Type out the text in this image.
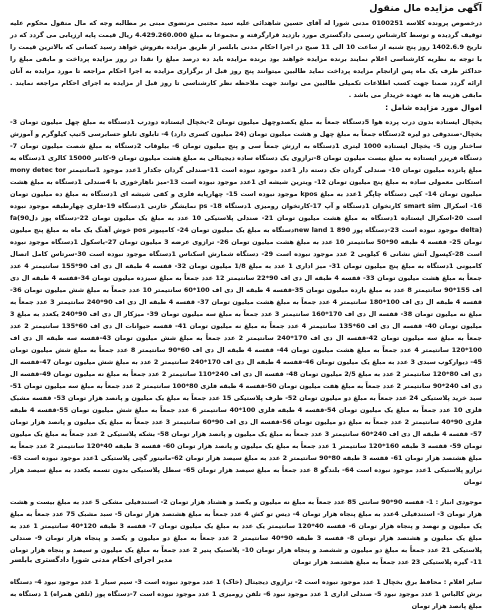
آگهی مزایده مال منقول

درخصوص پرونده کلاسه 0100251 مدنی شورا له آقای حسین شاهدائی علیه سید مجتبی مرتضوی مبنی بر مطالبه وجه که مال منقول محکوم علیه توقیف گردیده و توسط کارشناس رسمی دادگستری مورد بازدید قرارگرفته و مجموعا به مبلغ 4.429.260.000 ریال قیمت پایه ارزیابی می گردد که در تاریخ 1402.6.9 روز پنج شنبه از ساعت 10 الی 11 صبح در اجرا احکام مدنی بابلسر از طریق مزایده بفروش خواهد رسید کسانی که بالاترین قیمت را با توجه به نظریه کارشناسی اعلام نمایند برنده مزایده خواهند بود برنده مزایده باید ده درصد مبلغ را نقدا در روز مزایده پرداخت و مابقی مبلغ را حداکثر ظرف یک ماه پس ازانجام مزایده پرداخت نماید طالبین میتوانند پنج روز قبل از برگزاری مزایده به اجرا احکام مراجعه تا مورد مزایده به آنان ارائه گردد ضمنا جهت کسب اطلاعات تکمیلی طالبین می توانند جهت ملاحظه نظر کارشناسی تا روز قبل از مزایده به اجرای احکام مراجعه نمایند . مابقی هزینه ها به عهده خریدار می باشد .

اموال مورد مزایده شامل :

یخچال ایستاده بدون درب پرده هوا 5دستگاه جمعاً به مبلغ یکصدوچهل میلیون تومان 2-یخچال ایستاده دودرب 1دستگاه به مبلغ چهل میلیون تومان 3-یخچال-صندوقی دو لیره 2دستگاه جمعاً به مبلغ چهل و هشت میلیون تومان (24 میلیون کسری دارد) 4- تابلوی تابلو حسابرسی 5تیپ کیلوگرم و آموزش ساختار وزن 5- یخچال ایستاده 1000 لیتری 1دستگاه به ارزش جمعاً سی و پنج میلیون تومان 6- بیلوقاب 2دستگاه به مبلغ شصت میلیون تومان 7-دستگاه فریزر ایستاده به مبلغ بیست میلیون تومان 8-ترازوی یک دستگاه ساده دیجیتالی به مبلغ هشت میلیون تومان 9-کانتر 15000 کالری 1دستگاه به مبلغ پانزده میلیون تومان 10- صندلی گردان جک دسته دار 1عدد موجود نبوده است 11-صندلی گردان جکدار 1عدد موجود 1سانتیمتر mony detec tor استکانی معمولی ساده به مبلغ پنج میلیون تومان 12- ویترین شیشه ای 1عدد موجود نبوده است 13-میز ناهارخوری با 4صندلی 1دستگاه به مبلغ هشت میلیون تومان 14- کپی دستگاه چاپگر 1عدد به مبلغ kpos موجود نبوده است 15- چهارپایه فلزی و کفی شیشه ای 1دستگاه به مبلغ ده میلیون تومان 16- اسکرال smart sim کارتخوان 1دستگاه و آپ 17-کارتخوان رومیزی 1دستگاه 18- ps نمایشگر خازنی 1دستگاه 19-فلزی چهارطبقه موجود نبوده است 20-اسکرال ایستاده 1دستگاه به مبلغ هشت میلیون تومان 21- صندلی پلاستیکی 10 عدد به مبلغ یک میلیون تومان 22-دستگاه پوز دلfa(90 delta) موجود نبوده است 23-دستگاه پوز 890 new land 1دستگاه به مبلغ یک میلیون تومان 24- کامپیوتر pos خوش آهنگ یک ماه به مبلغ پنج میلیون تومان 25- قفسه 4 طبقه 90*50 سانتیمتر 10 عدد به مبلغ هشت میلیون تومان 26- ترازوی عرضه 3 میلیون تومان 27-باسکول 1دستگاه موجود نبوده است 28-کپسول آتش نشانی 6 کیلویی 2 عدد موجود نبوده است 29- دستگاه شمارش اسکناس 1دستگاه موجود نبوده است 30-سرتاس کامل اتصال کامیونی 1دستگاه به مبلغ پنج میلیون تومان 31- میز اداری 1 عدد به مبلغ 1/8 میلیون تومان 32- قفسه 4 طبقه ال دی اف 90*155 سانتیمتر 4 عدد جمعاً به مبلغ هشت میلیون تومان 33- قفسه 4 طبقه ال دی اف 90*22 سانتیمتر 12 عدد جمعاً به مبلغ سیزده میلیون تومان 34-قفسه 4 طبقه ال دی اف 155*90 سانتیمتر 8 عدد به مبلغ یازده میلیون تومان 35-قفسه 4 طبقه ال دی اف 100*60 سانتیمتر 10 عدد جمعاً به مبلغ شش میلیون تومان 36-قفسه 4 طبقه ال دی اف 100*180 سانتیمتر 4 عدد جمعاً به مبلغ هشت میلیون تومان 37- قفسه 4 طبقه ال دی اف 90*240 سانتیمتر 3 عدد جمعاً به مبلغ نه میلیون تومان 38- قفسه ال دی اف 170*160 سانتیمتر 3 عدد جمعاً به مبلغ سه میلیون تومان 39- میزکار ال دی اف 90*240 یکعدد به مبلغ 3 میلیون تومان 40- قفسه ال دی اف 60*135 سانتیمتر 4 عدد جمعاً به مبلغ نه میلیون تومان 41- قفسه حیوانات ال دی اف 60*135 سانتیمتر 2 عدد جمعاً به مبلغ سه میلیون تومان 42-قفسه ال دی اف 170*240 سانتیمتر 2 عدد جمعاً به مبلغ شش میلیون تومان 43-قفسه سه طبقه ال دی اف 100*120 سانتیمتر 4 عدد جمعاً به مبلغ هشت میلیون تومان 44- قفسه 4 طبقه ال دی اف 60*90 سانتیمتر 8 عدد جمعاً به مبلغ شش میلیون تومان 45- دیوارکوب سبدی 3 عدد به مبلغ یک میلیون تومان 46-قفسه 4 طبقه ال دی اف 170*240 سانتیمتر 2 عدد به مبلغ شش میلیون تومان 47-قفسه ال دی اف 80*120 سانتیمتر 2 عدد به مبلغ 2/5 میلیون تومان 48- قفسه ال دی اف 240*110 سانتیمتر 2 عدد جمعاً به مبلغ نه میلیون تومان 49-قفسه ال دی اف 240*90 سانتیمتر 2 عدد جمعاً به مبلغ هفت میلیون تومان 50-قفسه 4 طبقه فلزی 80*100 سانتیمتر 2 عدد جمعاً به مبلغ سه میلیون تومان 51- سبد خرید پلاستیکی 24 عدد جمعاً به مبلغ دو میلیون تومان 52- ظرف پلاستیکی 15 عدد جمعاً به مبلغ یک میلیون و پانصد هزار تومان 53- قفسه مشبک فلزی 10 عدد جمعاً به مبلغ یک میلیون تومان 54-قفسه 4 طبقه فلزی 100*40 سانتیمتر 6 عدد جمعاً به مبلغ شش میلیون تومان 55-قفسه 4 طبقه فلزی 90*40 سانتیمتر 2 عدد جمعاً به مبلغ دو میلیون تومان 56-قفسه ال دی اف 90*60 سانتیمتر 3 عدد جمعاً به مبلغ یک میلیون و پانصد هزار تومان 57- قفسه 4 طبقه ال دی اف 240*60 سانتیمتر 3 عدد جمعاً به مبلغ یک میلیون و پانصد هزار تومان 58- بشکه پلاستیکی 2 عدد جمعاً به مبلغ یک میلیون تومان 59- قفسه 3 طبقه 160*120 سانتیمتر 1 عدد جمعاً به مبلغ یک میلیون و پانصد هزار تومان 60- قفسه 3 طبقه 40*120 سانتیمتر 2 عدد جمعاً به مبلغ هشتصد هزار تومان 61- قفسه 3 طبقه 80*90 سانتیمتر 2 عدد به مبلغ سیصد هزار تومان 62-مانیتور گچی پلاستیکی 1عدد موجود نبوده است 63- ترازو پلاستیکی 1عدد موجود نبوده است 64- بلندگو 8 عدد جمعاً به مبلغ سیصد هزار تومان 65- سطل پلاستیکی بدون تسمه یکعدد به مبلغ سیصد هزار تومان

موجودی انبار : 1- قفسه 90*90 سانتی 85 عدد جمعاً به مبلغ نه میلیون و یکصد و هشتاد هزار تومان 2- استندفیلی مشکی 5 عدد به مبلغ بیست و هشت هزار تومان 3- استندفیلی 4عدد به مبلغ پنجاه هزار تومان 4- دیس تو کش 4 عدد جمعاً به مبلغ هشتصد هزار تومان 5- سبد مشبک 75 عدد جمعاً به مبلغ یک میلیون و نهصد و پنجاه هزار تومان 6- قفسه 40*120 سانتیمتر یک عدد به مبلغ یک میلیون تومان 7- قفسه 3 طبقه 120*40 سانتیمتر 1 عدد به مبلغ یک میلیون و هشتصد هزار تومان 8- قفسه 3 طبقه 90*40 سانتیمتر 2 عدد جمعاً به مبلغ دو میلیون و یکصد و پنجاه هزار تومان 9- صندلی پلاستیکی 21 عدد جمعاً به مبلغ دو میلیون و ششصد و پنجاه هزار تومان 10- پلاستیک پنیر 2 عدد جمعاً به مبلغ یک میلیون و سیصد و پنجاه هزار تومان 11- گیره پلاستیکی 23 عدد جمعاً به مبلغ هشتصد هزار تومان

سایر اقلام : محافظ برق بخچال 1 عدد موجود نبوده است 2- ترازوی دیجیتال (خاک) 1 عدد موجود نبوده است 3- سیم سیار 1 عدد موجود نبود 4- دستگاه برش کالباس 1 عدد موجود نبود 5- صندلی اداری 1 عدد موجود نبود 6- تلفن رومیزی 1 عدد موجود نبوده است 7-دستگاه پوز (تلفن همراه) 1 دستگاه به مبلغ پانصد هزار تومان

مدیر اجرای احکام مدنی شورا دادگستری بابلسر
